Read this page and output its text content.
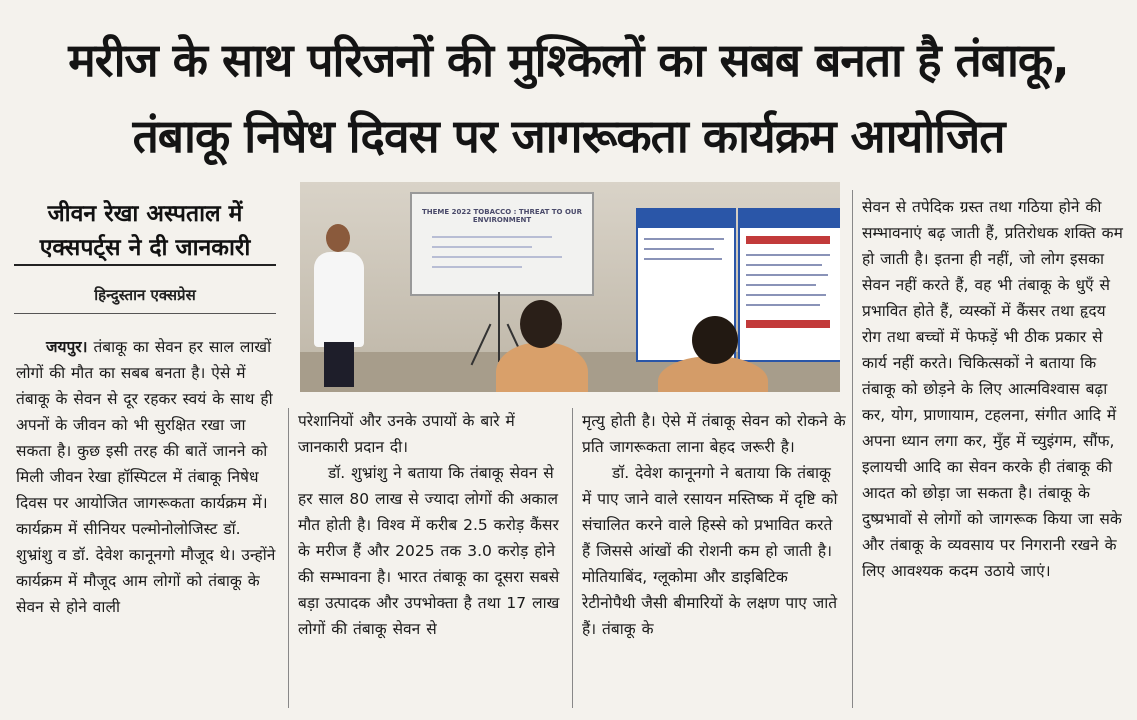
मरीज के साथ परिजनों की मुश्किलों का सबब बनता है तंबाकू,
तंबाकू निषेध दिवस पर जागरूकता कार्यक्रम आयोजित
जीवन रेखा अस्पताल में
एक्सपर्ट्स ने दी जानकारी
हिन्दुस्तान एक्सप्रेस
THEME 2022 TOBACCO : THREAT TO OUR ENVIRONMENT

जयपुर। तंबाकू का सेवन हर साल लाखों लोगों की मौत का सबब बनता है। ऐसे में तंबाकू के सेवन से दूर रहकर स्वयं के साथ ही अपनों के जीवन को भी सुरक्षित रखा जा सकता है। कुछ इसी तरह की बातें जानने को मिली जीवन रेखा हॉस्पिटल में तंबाकू निषेध दिवस पर आयोजित जागरूकता कार्यक्रम में। कार्यक्रम में सीनियर पल्मोनोलोजिस्ट डॉ. शुभ्रांशु व डॉ. देवेश कानूनगो मौजूद थे। उन्होंने कार्यक्रम में मौजूद आम लोगों को तंबाकू के सेवन से होने वाली

परेशानियों और उनके उपायों के बारे में जानकारी प्रदान दी।

डॉ. शुभ्रांशु ने बताया कि तंबाकू सेवन से हर साल 80 लाख से ज्यादा लोगों की अकाल मौत होती है। विश्व में करीब 2.5 करोड़ कैंसर के मरीज हैं और 2025 तक 3.0 करोड़ होने की सम्भावना है। भारत तंबाकू का दूसरा सबसे बड़ा उत्पादक और उपभोक्ता है तथा 17 लाख लोगों की तंबाकू सेवन से

मृत्यु होती है। ऐसे में तंबाकू सेवन को रोकने के प्रति जागरूकता लाना बेहद जरूरी है।

डॉ. देवेश कानूनगो ने बताया कि तंबाकू में पाए जाने वाले रसायन मस्तिष्क में दृष्टि को संचालित करने वाले हिस्से को प्रभावित करते हैं जिससे आंखों की रोशनी कम हो जाती है। मोतियाबिंद, ग्लूकोमा और डाइबिटिक रेटीनोपैथी जैसी बीमारियों के लक्षण पाए जाते हैं। तंबाकू के

सेवन से तपेदिक ग्रस्त तथा गठिया होने की सम्भावनाएं बढ़ जाती हैं, प्रतिरोधक शक्ति कम हो जाती है। इतना ही नहीं, जो लोग इसका सेवन नहीं करते हैं, वह भी तंबाकू के धुएँ से प्रभावित होते हैं, व्यस्कों में कैंसर तथा हृदय रोग तथा बच्चों में फेफड़ें भी ठीक प्रकार से कार्य नहीं करते। चिकित्सकों ने बताया कि तंबाकू को छोड़ने के लिए आत्मविश्वास बढ़ा कर, योग, प्राणायाम, टहलना, संगीत आदि में अपना ध्यान लगा कर, मुँह में च्युइंगम, सौंफ, इलायची आदि का सेवन करके ही तंबाकू की आदत को छोड़ा जा सकता है। तंबाकू के दुष्प्रभावों से लोगों को जागरूक किया जा सके और तंबाकू के व्यवसाय पर निगरानी रखने के लिए आवश्यक कदम उठाये जाएं।
